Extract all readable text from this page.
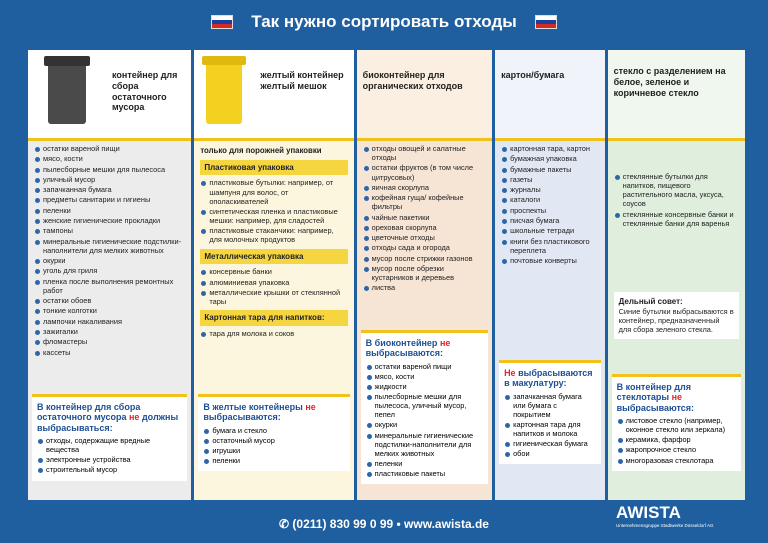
Так нужно сортировать отходы
контейнер для сбора остаточного мусора
остатки вареной пищи
мясо, кости
пылесборные мешки для пылесоса
уличный мусор
запачканная бумага
предметы санитарии и гигиены
пеленки
женские гигиенические прокладки
тампоны
минеральные гигиенические подстилки-наполнители для мелких животных
окурки
уголь для гриля
пленка после выполнения ремонтных работ
остатки обоев
тонкие колготки
лампочки накаливания
зажигалки
фломастеры
кассеты
В контейнер для сбора остаточного мусора не должны выбрасываться:
отходы, содержащие вредные вещества
электронные устройства
строительный мусор
желтый контейнер желтый мешок
только для порожней упаковки
Пластиковая упаковка
пластиковые бутылки: например, от шампуня для волос, от ополаскивателей
синтетическая пленка и пластиковые мешки: например, для сладостей
пластиковые стаканчики: например, для молочных продуктов
Металлическая упаковка
консервные банки
алюминиевая упаковка
металлические крышки от стеклянной тары
Картонная тара для напитков:
тара для молока и соков
В желтые контейнеры не выбрасываются:
бумага и стекло
остаточный мусор
игрушки
пеленки
биоконтейнер для органических отходов
отходы овощей и салатные отходы
остатки фруктов (в том числе цитрусовых)
яичная скорлупа
кофейная гуща/ кофейные фильтры
чайные пакетики
ореховая скорлупа
цветочные отходы
отходы сада и огорода
мусор после стрижки газонов
мусор после обрезки кустарников и деревьев
листва
В биоконтейнер не выбрасываются:
остатки вареной пищи
мясо, кости
жидкости
пылесборные мешки для пылесоса, уличный мусор, пепел
окурки
минеральные гигиенические подстилки-наполнители для мелких животных
пеленки
пластиковые пакеты
картон/бумага
картонная тара, картон
бумажная упаковка
бумажные пакеты
газеты
журналы
каталоги
проспекты
писчая бумага
школьные тетради
книги без пластикового переплета
почтовые конверты
Не выбрасываются в макулатуру:
запачканная бумага или бумага с покрытием
картонная тара для напитков и молока
гигиеническая бумага
обои
стекло с разделением на белое, зеленое и коричневое стекло
стеклянные бутылки для напитков, пищевого растительного масла, уксуса, соусов
стеклянные консервные банки и стеклянные банки для варенья
Дельный совет:
Синие бутылки выбрасываются в контейнер, предназначенный для сбора зеленого стекла.
В контейнер для стеклотары не выбрасываются:
листовое стекло (например, оконное стекло или зеркала)
керамика, фарфор
жаропрочное стекло
многоразовая стеклотара
✆ (0211) 830 99 0 99 • www.awista.de
AWISTA
Unternehmensgruppe Stadtwerke Düsseldorf AG
